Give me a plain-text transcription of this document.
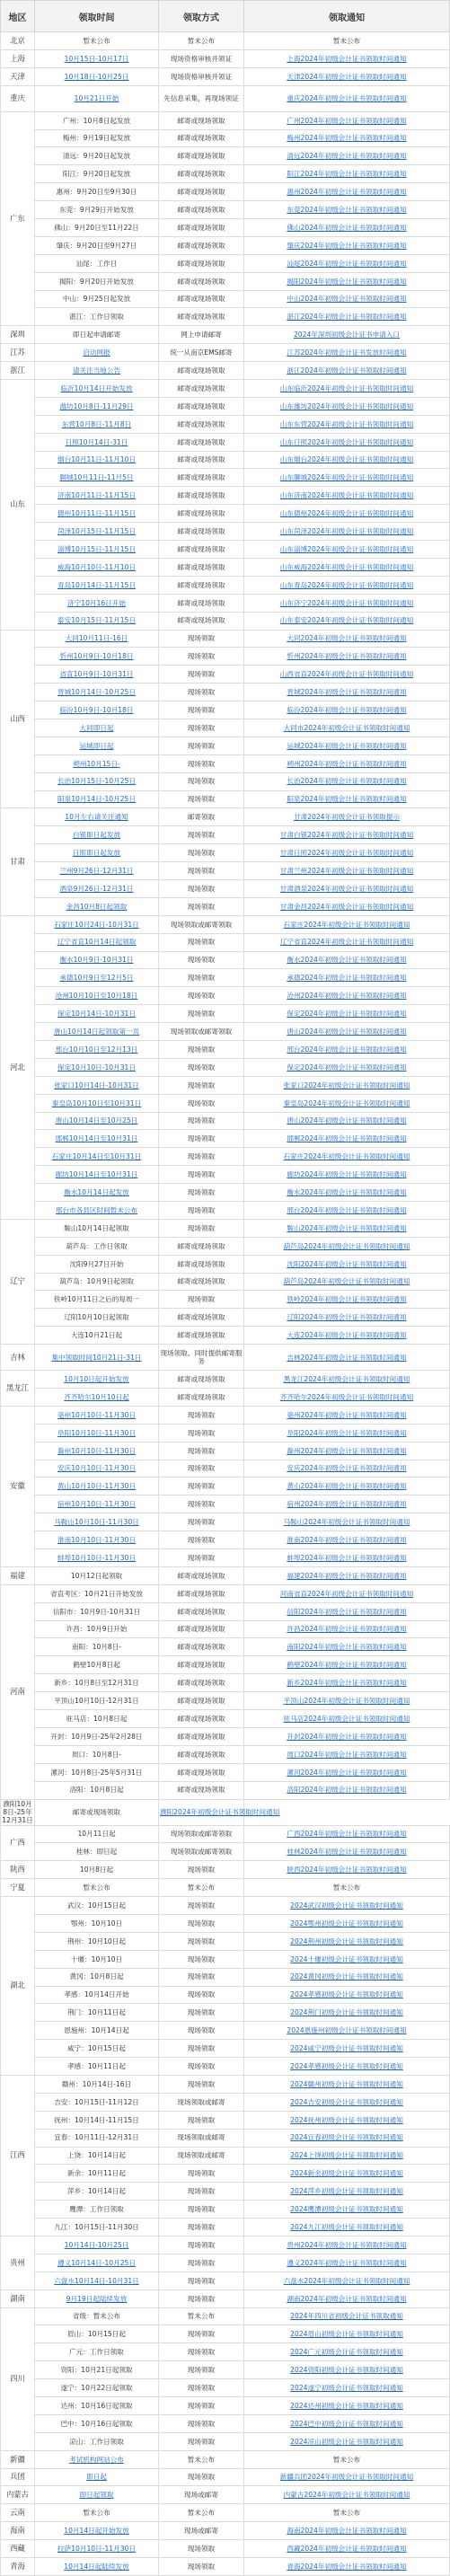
地区	领取时间	领取方式	领取通知
北京	暂未公布	暂未公布	暂未公布
上海	10月15日-10月17日	现场资格审核并领证	上海2024年初级会计证书领取时间通知
天津	10月18日-10月25日	现场资格审核并领证	天津2024年初级会计证书领取时间通知
重庆	10月21日开始	先信息采集，再现场领证	重庆2024年初级会计证书领取时间通知
广东	广州：10月8日起发放	邮寄或现场领取	广州2024年初级会计证书领取时间通知
	梅州：9月19日起发放	邮寄或现场领取	梅州2024年初级会计证书领取时间通知
	清远：9月20日起发放	邮寄或现场领取	清远2024年初级会计证书领取时间通知
	阳江：9月20日起发放	邮寄或现场领取	阳江2024年初级会计证书领取时间通知
	惠州：9月20日至9月30日	邮寄或现场领取	惠州2024年初级会计证书领取时间通知
	东莞：9月29日开始发放	邮寄或现场领取	东莞2024年初级会计证书领取时间通知
	佛山：9月20日至11月22日	邮寄或现场领取	佛山2024年初级会计证书领取时间通知
	肇庆：9月20日至9月27日	邮寄或现场领取	肇庆2024年初级会计证书领取时间通知
	汕尾：工作日	邮寄或现场领取	汕尾2024年初级会计证书领取时间通知
	揭阳：9月20日开始发放	邮寄或现场领取	揭阳2024年初级会计证书领取时间通知
	中山：9月25日起发放	邮寄或现场领取	中山2024年初级会计证书领取时间通知
	湛江：工作日领取	邮寄或现场领取	湛江2024年初级会计证书领取时间通知
深圳	即日起申请邮寄	网上申请邮寄	2024年深圳初级会计证书申请入口
江苏	启动网报	统一从南京EMS邮寄	江苏2024年初级会计证书发放时间通知
浙江	请关注当地公告	邮寄或现场领取	浙江2024年初级会计证书领取时间通知
山东	临沂10月14日开始发放	邮寄或现场领取	山东临沂2024年初级会计证书领取时间通知
	潍坊10月8日-11月29日	邮寄或现场领取	山东潍坊2024年初级会计证书领取时间通知
	东营10月8日-11月8日	邮寄或现场领取	山东东营2024年初级会计证书领取时间通知
	日照10月14日-31日	邮寄或现场领取	山东日照2024年初级会计证书领取时间通知
	烟台10月11日-11月10日	邮寄或现场领取	山东烟台2024年初级会计证书领取时间通知
	聊城10月11日-11月5日	邮寄或现场领取	山东聊城2024年初级会计证书领取时间通知
	济南10月11日-11月15日	邮寄或现场领取	山东济南2024年初级会计证书领取时间通知
	德州10月11日-11月15日	邮寄或现场领取	山东德州2024年初级会计证书领取时间通知
	菏泽10月15日-11月15日	邮寄或现场领取	山东菏泽2024年初级会计证书领取时间通知
	淄博10月15日-11月15日	邮寄或现场领取	山东淄博2024年初级会计证书领取时间通知
	威海10月10日-11月10日	邮寄或现场领取	山东威海2024年初级会计证书领取时间通知
	青岛10月14日-11月15日	邮寄或现场领取	山东青岛2024年初级会计证书领取时间通知
	济宁10月16日开始	邮寄或现场领取	山东济宁2024年初级会计证书领取时间通知
	泰安10月15日-11月15日	邮寄或现场领取	山东泰安2024年初级会计证书领取时间通知
山西	大同10月11日-16日	现场领取	大同2024年初级会计证书领取时间通知
	忻州10月9日-10月18日	现场领取	忻州2024年初级会计证书领取时间通知
	省直10月9日-10月31日	现场领取	山西省直2024年初级会计证书领取时间通知
	晋城10月14日-10月25日	现场领取	晋城2024年初级会计证书领取时间通知
	临汾10月9日-10月18日	现场领取	临汾2024年初级会计证书领取时间通知
	大同即日起	现场领取	大同市2024年初级会计证书领取时间通知
	运城即日起	现场领取	运城2024年初级会计证书领取时间通知
	朔州10月15日-	现场领取	朔州2024年初级会计证书领取时间通知
	长治10月15日-10月25日	现场领取	长治2024年初级会计证书领取时间通知
	阳泉10月14日-10月25日	现场领取	阳泉2024年初级会计证书领取时间通知
甘肃	10月左右请关注通知	邮寄领取	甘肃2024年初级会计证书领取提示
	白银即日起发放	现场领取	甘肃白银2024年初级会计证书领取时间通知
	日照即日起发放	现场领取	甘肃日照2024年初级会计证书领取时间通知
	兰州9月26日-12月31日	现场领取	甘肃兰州2024年初级会计证书领取时间通知
	酒泉9月26日-12月31日	现场领取	甘肃酒泉2024年初级会计证书领取时间通知
	金昌10月8日起领取	现场领取	甘肃金昌2024年初级会计证书领取时间通知
河北	石家庄10月24日-10月31日	现场领取或邮寄领取	石家庄2024年初级会计证书领取时间通知
	辽宁省直10月14日起领取	现场领取	辽宁省直2024年初级会计证书领取时间通知
	衡水10月9日-10月31日	现场领取	衡水2024年初级会计证书领取时间通知
	承德10月9日至12月5日	现场领取	承德2024年初级会计证书领取时间通知
	沧州10月10日至10月18日	现场领取	沧州2024年初级会计证书领取时间通知
	保定10月14日-10月31日	现场领取	保定2024年初级会计证书领取时间通知
	唐山10月14日起领取第一页	现场领取或邮寄领取	唐山2024年初级会计证书领取时间通知
	邢台10月10日至12月13日	现场领取	邢台2024年初级会计证书领取时间通知
	保定10月10日-10月31日	现场领取	保定2024年初级会计证书领取时间通知
	张家口10月14日-10月31日	现场领取	张家口2024年初级会计证书领取时间通知
	秦皇岛10月10日至10月31日	现场领取	秦皇岛2024年初级会计证书领取时间通知
	唐山10月14日至10月25日	现场领取	唐山2024年初级会计证书领取时间通知
	邯郸10月14日至10月31日	现场领取	邯郸2024年初级会计证书领取时间通知
	石家庄10月14日至10月31日	现场领取	石家庄2024年初级会计证书领取时间通知
	廊坊10月14日至10月31日	现场领取	廊坊2024年初级会计证书领取时间通知
	衡水10月14日起发放	现场领取	衡水2024年初级会计证书领取时间通知
	邢台市各县区时间暂未公布	现场领取	邢台2024年初级会计证书领取时间通知
辽宁	鞍山10月14日起领取	现场领取	鞍山2024年初级会计证书领取时间通知
	葫芦岛：工作日领取	邮寄或现场领取	葫芦岛2024年初级会计证书领取时间通知
	沈阳9月27日开始	邮寄或现场领取	沈阳2024年初级会计证书领取时间通知
	葫芦岛：10月9日起领取	邮寄或现场领取	葫芦岛2024年初级会计证书领取时间通知
	铁岭10月11日之后的每周一	现场领取	铁岭2024年初级会计证书领取时间通知
	辽阳10月10日起领取	邮寄或现场领取	辽阳2024年初级会计证书领取时间通知
	大连10月21日起	邮寄或现场领取	大连2024年初级会计证书领取时间通知
吉林	集中领取时间10月21日-31日	现场领取、同时提供邮寄服务	吉林2024年初级会计证书领取时间通知
黑龙江	10月10日起开始发放	邮寄或现场领取	黑龙江2024年初级会计证书领取时间通知
	齐齐哈尔10月10日起	邮寄或现场领取	齐齐哈尔2024年初级会计证书领取时间通知
安徽	亳州10月10日-11月30日	现场领取	亳州2024年初级会计证书领取时间通知
	阜阳10月10日-11月30日	现场领取	阜阳2024年初级会计证书领取时间通知
	滁州10月10日-11月30日	现场领取	滁州2024年初级会计证书领取时间通知
	安庆10月10日-11月30日	现场领取	安庆2024年初级会计证书领取时间通知
	黄山10月10日-11月30日	现场领取	黄山2024年初级会计证书领取时间通知
	宿州10月10日-11月30日	现场领取	宿州2024年初级会计证书领取时间通知
	马鞍山10月10日-11月30日	现场领取	马鞍山2024年初级会计证书领取时间通知
	淮南10月10日-11月30日	现场领取	淮南2024年初级会计证书领取时间通知
	蚌埠10月10日-11月30日	现场领取	蚌埠2024年初级会计证书领取时间通知
福建	10月12日起领取	邮寄或现场领取	福建2024年初级会计证书领取时间通知
河南	省直考区：10月21日开始发放	邮寄或现场领取	河南省直2024年初级会计证书领取时间通知
	信阳市：10月9日-10月31日	邮寄或现场领取	信阳2024年初级会计证书领取时间通知
	许昌：10月9日开始	邮寄或现场领取	许昌2024年初级会计证书领取时间通知
	南阳：10月8日-	邮寄或现场领取	南阳2024年初级会计证书领取时间通知
	鹤壁10月8日起	邮寄或现场领取	鹤壁2024年初级会计证书领取时间通知
	新乡：10月8日至12月31日	邮寄或现场领取	新乡2024年初级会计证书领取时间通知
	平顶山10月10日-12月31日	邮寄或现场领取	平顶山2024年初级会计证书领取时间通知
	驻马店：10月8日起	邮寄或现场领取	驻马店2024年初级会计证书领取时间通知
	开封：10月9日-25年2月28日	邮寄或现场领取	开封2024年初级会计证书领取时间通知
	周口：10月8日-	邮寄或现场领取	周口2024年初级会计证书领取时间通知
	漯河：10月8日-25年5月31日	邮寄或现场领取	漯河2024年初级会计证书领取时间通知
	洛阳：10月8日起	邮寄或现场领取	洛阳2024年初级会计证书领取时间通知
濮阳10月8日-25年12月31日	邮寄或现场领取	濮阳2024年初级会计证书领取时间通知	
广西	10月11日起	现场领取或邮寄领取	广西2024年初级会计证书领取时间通知
	桂林：即日起	现场领取或邮寄领取	桂林2024年初级会计证书领取时间通知
陕西	10月8日起	现场领取	陕西2024年初级会计证书领取时间通知
宁夏	暂未公布	暂未公布	暂未公布
湖北	武汉：10月15日起	现场领取	2024武汉初级会计证书领取时间通知
	鄂州：10月10日	现场领取	2024鄂州初级会计证书领取时间通知
	荆州：10月10日起	现场领取	2024荆州初级会计证书领取时间通知
	十堰：10月10日	现场领取	2024十堰初级会计证书领取时间通知
	黄冈：10月8日起	现场领取	2024黄冈初级会计证书领取时间通知
	孝感：10月14日开始	现场领取	2024孝感初级会计证书领取时间通知
	荆门：10月11日起	现场领取	2024荆门初级会计证书领取时间通知
	恩施州：10月14日起	现场领取	2024恩施州初级会计证书领取时间通知
	咸宁：10月15日起	现场领取	2024咸宁初级会计证书领取时间通知
	孝感：10月11日起	现场领取	2024孝感初级会计证书领取时间通知
江西	赣州：10月14日-16日	现场领取	2024赣州初级会计证书领取时间通知
	吉安：10月15日-11月12日	现场领取或邮寄	2024吉安初级会计证书领取时间通知
	抚州：10月14日-11月15日	现场领取	2024抚州初级会计证书领取时间通知
	宜春：10月11日-12月31日	现场领取或邮寄	2024宜春初级会计证书领取时间通知
	上饶：10月14日起	现场领取或邮寄	2024上饶初级会计证书领取时间通知
	新余：10月11日起	现场领取	2024新余初级会计证书领取时间通知
	萍乡：10月14日起	现场领取	2024萍乡初级会计证书领取时间通知
	鹰潭：工作日领取	现场领取	2024鹰潭初级会计证书领取时间通知
	九江：10月15日-11月30日	现场领取	2024九江初级会计证书领取时间通知
贵州	10月14日-10月25日	现场领取	贵州2024年初级会计证书领取时间通知
	遵义10月14日-10月25日	现场领取	遵义2024年初级会计证书领取时间通知
	六盘水10月14日-10月31日	现场领取	六盘水2024年初级会计证书领取时间通知
湖南	9月19日起陆续发放	现场领取	湖南2024年初级会计证书领取时间通知
四川	省级：暂未公布	暂未公布	2024年四川省初级会计证书领取通知
	眉山：10月15日起	现场领取	2024眉山初级会计证书领取时间通知
	广元：工作日领取	现场领取	2024广元初级会计证书领取时间通知
	资阳：10月21日起领取	现场领取	2024资阳初级会计证书领取时间通知
	遂宁：10月22日起领取	现场领取	2024遂宁初级会计证书领取时间通知
	达州：10月16日起领取	现场领取	2024达州初级会计证书领取时间通知
	巴中：10月16日起领取	现场领取	2024巴中初级会计证书领取时间通知
	凉山：工作日领取	现场领取	2024凉山初级会计证书领取时间通知
新疆	考试机构网站公布	暂未公布	暂未公布
兵团	即日起	现场领取	新疆兵团2024年初级会计证书领取时间通知
内蒙古	即日起领取	现场或邮寄	内蒙古2024年初级会计证书领取时间通知
云南	暂未公布	暂未公布	暂未公布
海南	10月14日起开始发放	现场或邮寄	海南2024年初级会计证书领取时间通知
西藏	拉萨10月10日-11月30日	现场领取	西藏2024年初级会计证书领取时间通知
青海	10月14日起陆续发放	现场领取	青海2024年初级会计证书领取时间通知
